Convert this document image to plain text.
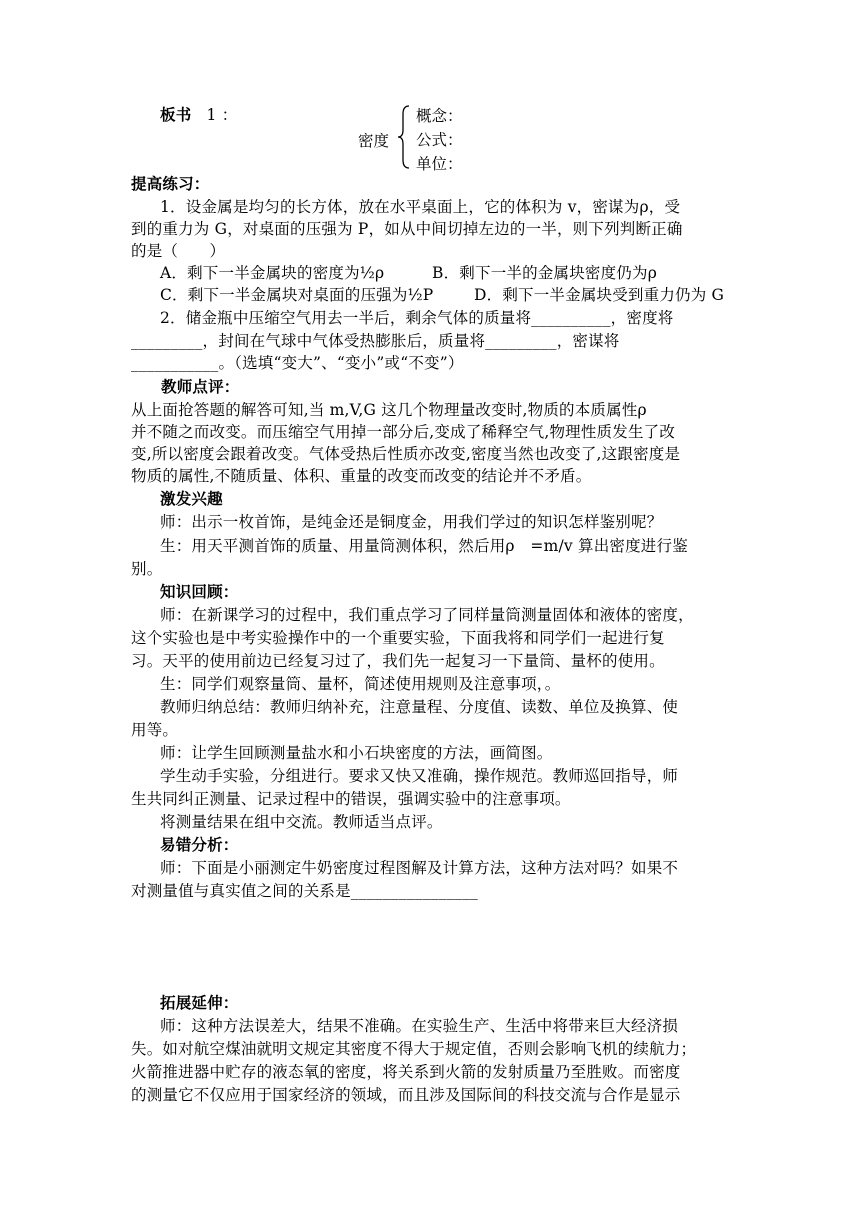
板书 1 ：
密度
概念：
公式：
单位：
提高练习：
1．设金属是均匀的长方体，放在水平桌面上，它的体积为 v，密谋为ρ，受
到的重力为 G，对桌面的压强为 P，如从中间切掉左边的一半，则下列判断正确
的是（　　）
A．剩下一半金属块的密度为½ρ	B．剩下一半的金属块密度仍为ρ
C．剩下一半金属块对桌面的压强为½P	D．剩下一半金属块受到重力仍为 G
2．储金瓶中压缩空气用去一半后，剩余气体的质量将__________，密度将
_________，封间在气球中气体受热膨胀后，质量将_________，密谋将
___________。（选填“变大”、“变小”或“不变”）
教师点评：
从上面抢答题的解答可知,当 m,V,G 这几个物理量改变时,物质的本质属性ρ
并不随之而改变。而压缩空气用掉一部分后,变成了稀释空气,物理性质发生了改
变,所以密度会跟着改变。气体受热后性质亦改变,密度当然也改变了,这跟密度是
物质的属性,不随质量、体积、重量的改变而改变的结论并不矛盾。
激发兴趣
师：出示一枚首饰，是纯金还是铜度金，用我们学过的知识怎样鉴别呢？
生：用天平测首饰的质量、用量筒测体积，然后用ρ　=m/v 算出密度进行鉴
别。
知识回顾：
师：在新课学习的过程中，我们重点学习了同样量筒测量固体和液体的密度，
这个实验也是中考实验操作中的一个重要实验，下面我将和同学们一起进行复
习。天平的使用前边已经复习过了，我们先一起复习一下量筒、量杯的使用。
生：同学们观察量筒、量杯，简述使用规则及注意事项，。
教师归纳总结：教师归纳补充，注意量程、分度值、读数、单位及换算、使
用等。
师：让学生回顾测量盐水和小石块密度的方法，画简图。
学生动手实验，分组进行。要求又快又准确，操作规范。教师巡回指导，师
生共同纠正测量、记录过程中的错误，强调实验中的注意事项。
将测量结果在组中交流。教师适当点评。
易错分析：
师：下面是小丽测定牛奶密度过程图解及计算方法，这种方法对吗？如果不
对测量值与真实值之间的关系是________________
拓展延伸：
师：这种方法误差大，结果不准确。在实验生产、生活中将带来巨大经济损
失。如对航空煤油就明文规定其密度不得大于规定值，否则会影响飞机的续航力；
火箭推进器中贮存的液态氧的密度，将关系到火箭的发射质量乃至胜败。而密度
的测量它不仅应用于国家经济的领域，而且涉及国际间的科技交流与合作是显示
